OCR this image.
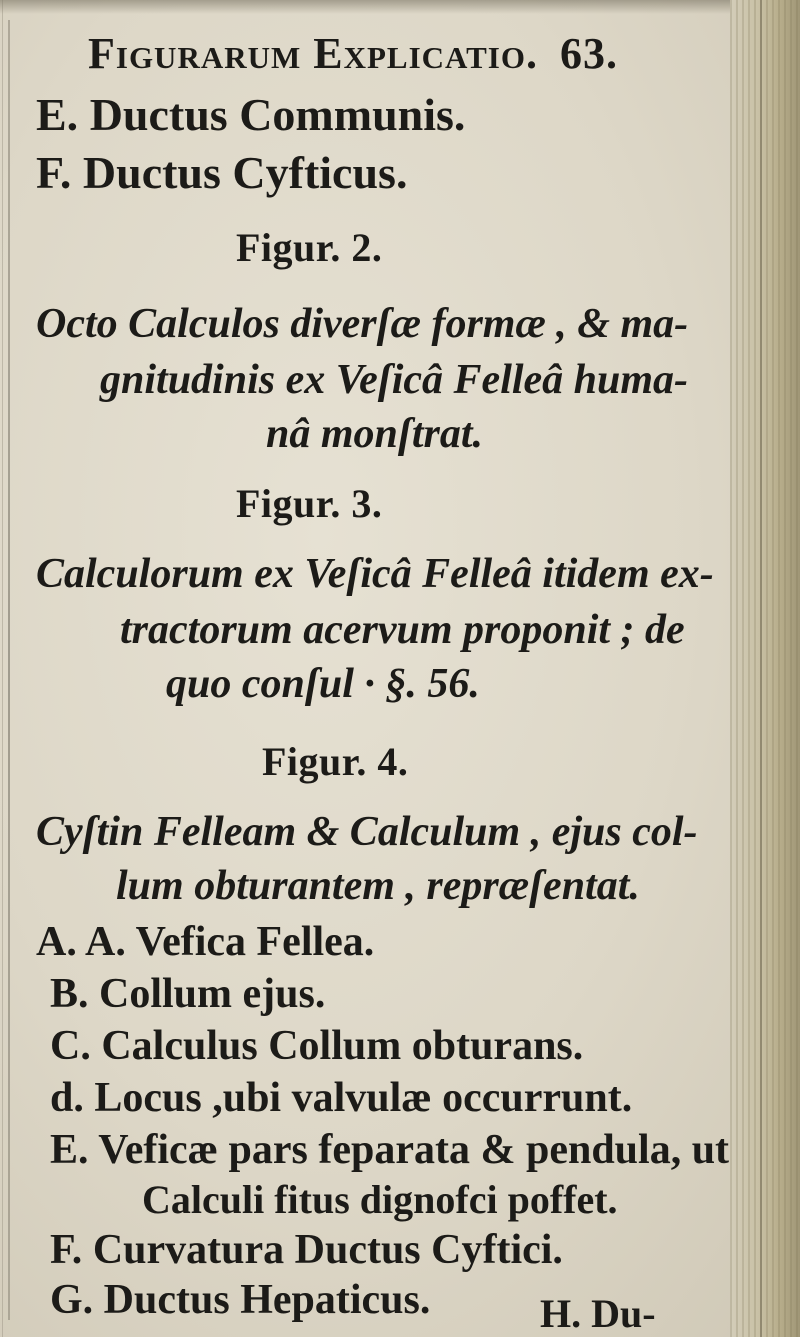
Figurarum Explicatio. 63.
E. Ductus Communis.
F. Ductus Cyfticus.
Figur. 2.
Octo Calculos diverſæ formæ , & ma-
gnitudinis ex Veſicâ Felleâ huma-
nâ monſtrat.
Figur. 3.
Calculorum ex Veſicâ Felleâ itidem ex-
tractorum acervum proponit ; de
quo conſul · §. 56.
Figur. 4.
Cyſtin Felleam & Calculum , ejus col-
lum obturantem , repræſentat.
A. A. Vefica Fellea.
B. Collum ejus.
C. Calculus Collum obturans.
d. Locus ,ubi valvulæ occurrunt.
E. Veficæ pars feparata & pendula, ut
Calculi fitus dignofci poffet.
F. Curvatura Ductus Cyftici.
G. Ductus Hepaticus.	H. Du-
